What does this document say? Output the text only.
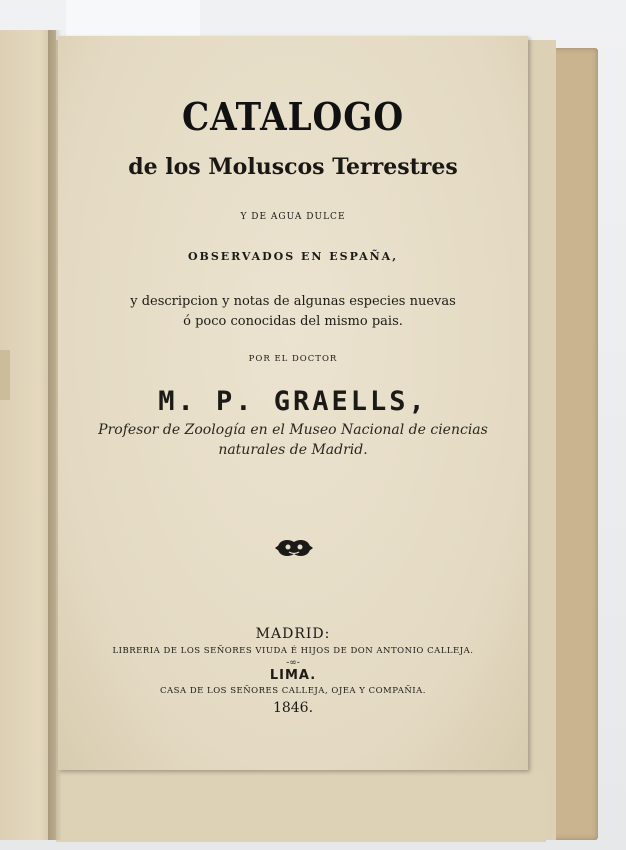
CATALOGO
de los Moluscos Terrestres
Y DE AGUA DULCE
OBSERVADOS EN ESPAÑA,
y descripcion y notas de algunas especies nuevas
ó poco conocidas del mismo pais.
POR EL DOCTOR
M. P. GRAELLS,
Profesor de Zoología en el Museo Nacional de ciencias
naturales de Madrid.
MADRID:
LIBRERIA DE LOS SEÑORES VIUDA É HIJOS DE DON ANTONIO CALLEJA.
-∞-
LIMA.
CASA DE LOS SEÑORES CALLEJA, OJEA Y COMPAÑIA.
1846.
